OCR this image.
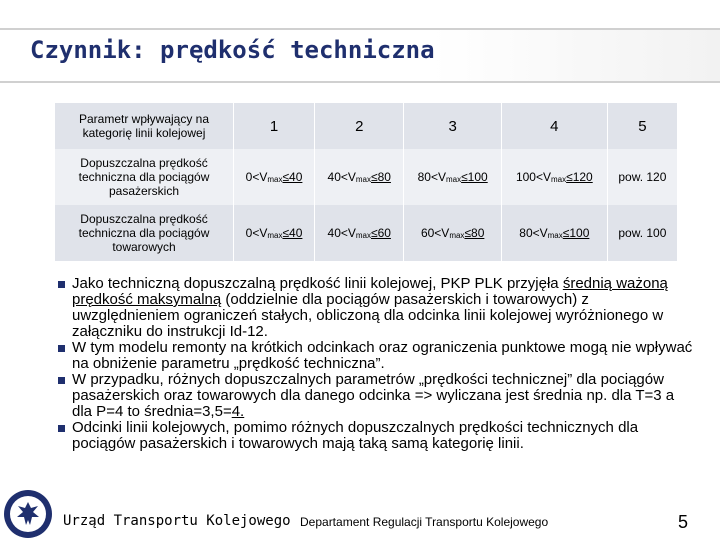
Czynnik: prędkość techniczna
Parametr wpływający na kategorię linii kolejowej	1	2	3	4	5
Dopuszczalna prędkość techniczna dla pociągów pasażerskich	0<Vmax≤40	40<Vmax≤80	80<Vmax≤100	100<Vmax≤120	pow. 120
Dopuszczalna prędkość techniczna dla pociągów towarowych	0<Vmax≤40	40<Vmax≤60	60<Vmax≤80	80<Vmax≤100	pow. 100
Jako techniczną dopuszczalną prędkość linii kolejowej, PKP PLK przyjęła średnią ważoną prędkość maksymalną (oddzielnie dla pociągów pasażerskich i towarowych) z uwzględnieniem ograniczeń stałych, obliczoną dla odcinka linii kolejowej wyróżnionego w załączniku do instrukcji Id-12.
W tym modelu remonty na krótkich odcinkach oraz ograniczenia punktowe mogą nie wpływać na obniżenie parametru „prędkość techniczna”.
W przypadku, różnych dopuszczalnych parametrów „prędkości technicznej” dla pociągów pasażerskich oraz towarowych dla danego odcinka => wyliczana jest średnia np. dla T=3 a dla P=4 to średnia=3,5=4.
Odcinki linii kolejowych, pomimo różnych dopuszczalnych prędkości technicznych dla pociągów pasażerskich i towarowych mają taką samą kategorię linii.
Urząd Transportu Kolejowego Departament Regulacji Transportu Kolejowego	5
